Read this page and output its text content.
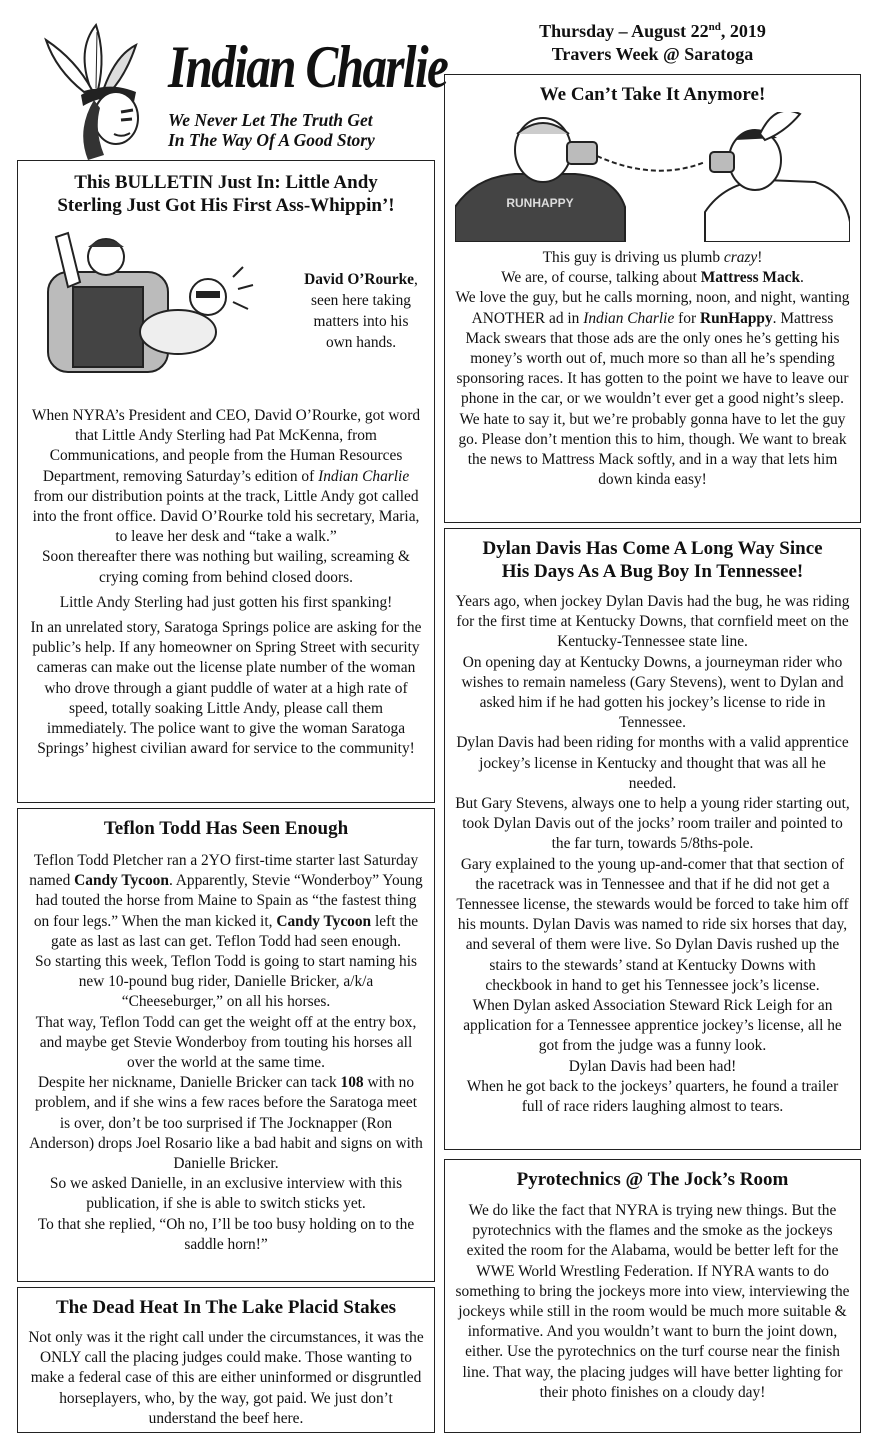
Indian Charlie
We Never Let The Truth Get
In The Way Of A Good Story
Thursday – August 22nd, 2019
Travers Week @ Saratoga
This BULLETIN Just In: Little Andy
Sterling Just Got His First Ass-Whippin’!
David O’Rourke,
seen here taking
matters into his
own hands.

When NYRA’s President and CEO, David O’Rourke, got word that Little Andy Sterling had Pat McKenna, from Communications, and people from the Human Resources Department, removing Saturday’s edition of Indian Charlie from our distribution points at the track, Little Andy got called into the front office. David O’Rourke told his secretary, Maria, to leave her desk and “take a walk.”

Soon thereafter there was nothing but wailing, screaming & crying coming from behind closed doors.

Little Andy Sterling had just gotten his first spanking!

In an unrelated story, Saratoga Springs police are asking for the public’s help. If any homeowner on Spring Street with security cameras can make out the license plate number of the woman who drove through a giant puddle of water at a high rate of speed, totally soaking Little Andy, please call them immediately. The police want to give the woman Saratoga Springs’ highest civilian award for service to the community!

Teflon Todd Has Seen Enough

Teflon Todd Pletcher ran a 2YO first-time starter last Saturday named Candy Tycoon. Apparently, Stevie “Wonderboy” Young had touted the horse from Maine to Spain as “the fastest thing on four legs.” When the man kicked it, Candy Tycoon left the gate as last as last can get. Teflon Todd had seen enough.

So starting this week, Teflon Todd is going to start naming his new 10-pound bug rider, Danielle Bricker, a/k/a “Cheeseburger,” on all his horses.

That way, Teflon Todd can get the weight off at the entry box, and maybe get Stevie Wonderboy from touting his horses all over the world at the same time.

Despite her nickname, Danielle Bricker can tack 108 with no problem, and if she wins a few races before the Saratoga meet is over, don’t be too surprised if The Jocknapper (Ron Anderson) drops Joel Rosario like a bad habit and signs on with Danielle Bricker.

So we asked Danielle, in an exclusive interview with this publication, if she is able to switch sticks yet.

To that she replied, “Oh no, I’ll be too busy holding on to the saddle horn!”

The Dead Heat In The Lake Placid Stakes
Not only was it the right call under the circumstances, it was the ONLY call the placing judges could make. Those wanting to make a federal case of this are either uninformed or disgruntled horseplayers, who, by the way, got paid. We just don’t understand the beef here.
We Can’t Take It Anymore!
RUNHAPPY

This guy is driving us plumb crazy!

We are, of course, talking about Mattress Mack.

We love the guy, but he calls morning, noon, and night, wanting ANOTHER ad in Indian Charlie for RunHappy. Mattress Mack swears that those ads are the only ones he’s getting his money’s worth out of, much more so than all he’s spending sponsoring races. It has gotten to the point we have to leave our phone in the car, or we wouldn’t ever get a good night’s sleep. We hate to say it, but we’re probably gonna have to let the guy go. Please don’t mention this to him, though. We want to break the news to Mattress Mack softly, and in a way that lets him down kinda easy!

Dylan Davis Has Come A Long Way Since
His Days As A Bug Boy In Tennessee!

Years ago, when jockey Dylan Davis had the bug, he was riding for the first time at Kentucky Downs, that cornfield meet on the Kentucky-Tennessee state line.

On opening day at Kentucky Downs, a journeyman rider who wishes to remain nameless (Gary Stevens), went to Dylan and asked him if he had gotten his jockey’s license to ride in Tennessee.

Dylan Davis had been riding for months with a valid apprentice jockey’s license in Kentucky and thought that was all he needed.

But Gary Stevens, always one to help a young rider starting out, took Dylan Davis out of the jocks’ room trailer and pointed to the far turn, towards 5/8ths-pole.

Gary explained to the young up-and-comer that that section of the racetrack was in Tennessee and that if he did not get a Tennessee license, the stewards would be forced to take him off his mounts. Dylan Davis was named to ride six horses that day, and several of them were live. So Dylan Davis rushed up the stairs to the stewards’ stand at Kentucky Downs with checkbook in hand to get his Tennessee jock’s license.

When Dylan asked Association Steward Rick Leigh for an application for a Tennessee apprentice jockey’s license, all he got from the judge was a funny look.

Dylan Davis had been had!

When he got back to the jockeys’ quarters, he found a trailer full of race riders laughing almost to tears.

Pyrotechnics @ The Jock’s Room
We do like the fact that NYRA is trying new things. But the pyrotechnics with the flames and the smoke as the jockeys exited the room for the Alabama, would be better left for the WWE World Wrestling Federation. If NYRA wants to do something to bring the jockeys more into view, interviewing the jockeys while still in the room would be much more suitable & informative. And you wouldn’t want to burn the joint down, either. Use the pyrotechnics on the turf course near the finish line. That way, the placing judges will have better lighting for their photo finishes on a cloudy day!
